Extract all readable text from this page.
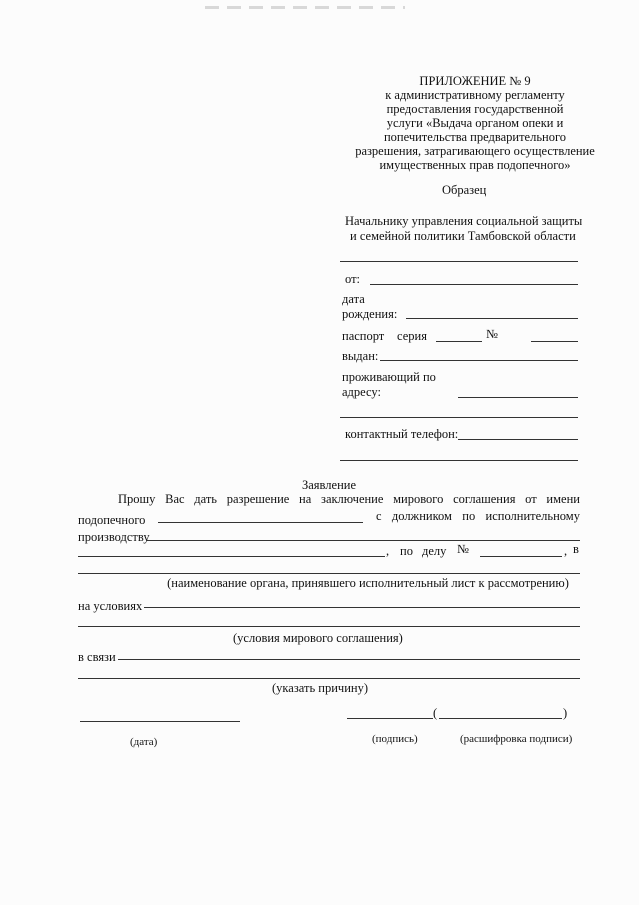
ПРИЛОЖЕНИЕ № 9
к административному регламенту
предоставления государственной
услуги «Выдача органом опеки и
попечительства предварительного
разрешения, затрагивающего осуществление
имущественных прав подопечного»
Образец
Начальнику управления социальной защиты
и семейной политики Тамбовской области
от:
дата
рождения:
паспорт серия	№
выдан:
проживающий по
адресу:
контактный телефон:
Заявление
Прошу Вас дать разрешение на заключение мирового соглашения от имени
подопечного	с должником по исполнительному
производству
, по делу №	, в
(наименование органа, принявшего исполнительный лист к рассмотрению)
на условиях
(условия мирового соглашения)
в связи
(указать причину)
(	)
(дата)	(подпись)	(расшифровка подписи)
